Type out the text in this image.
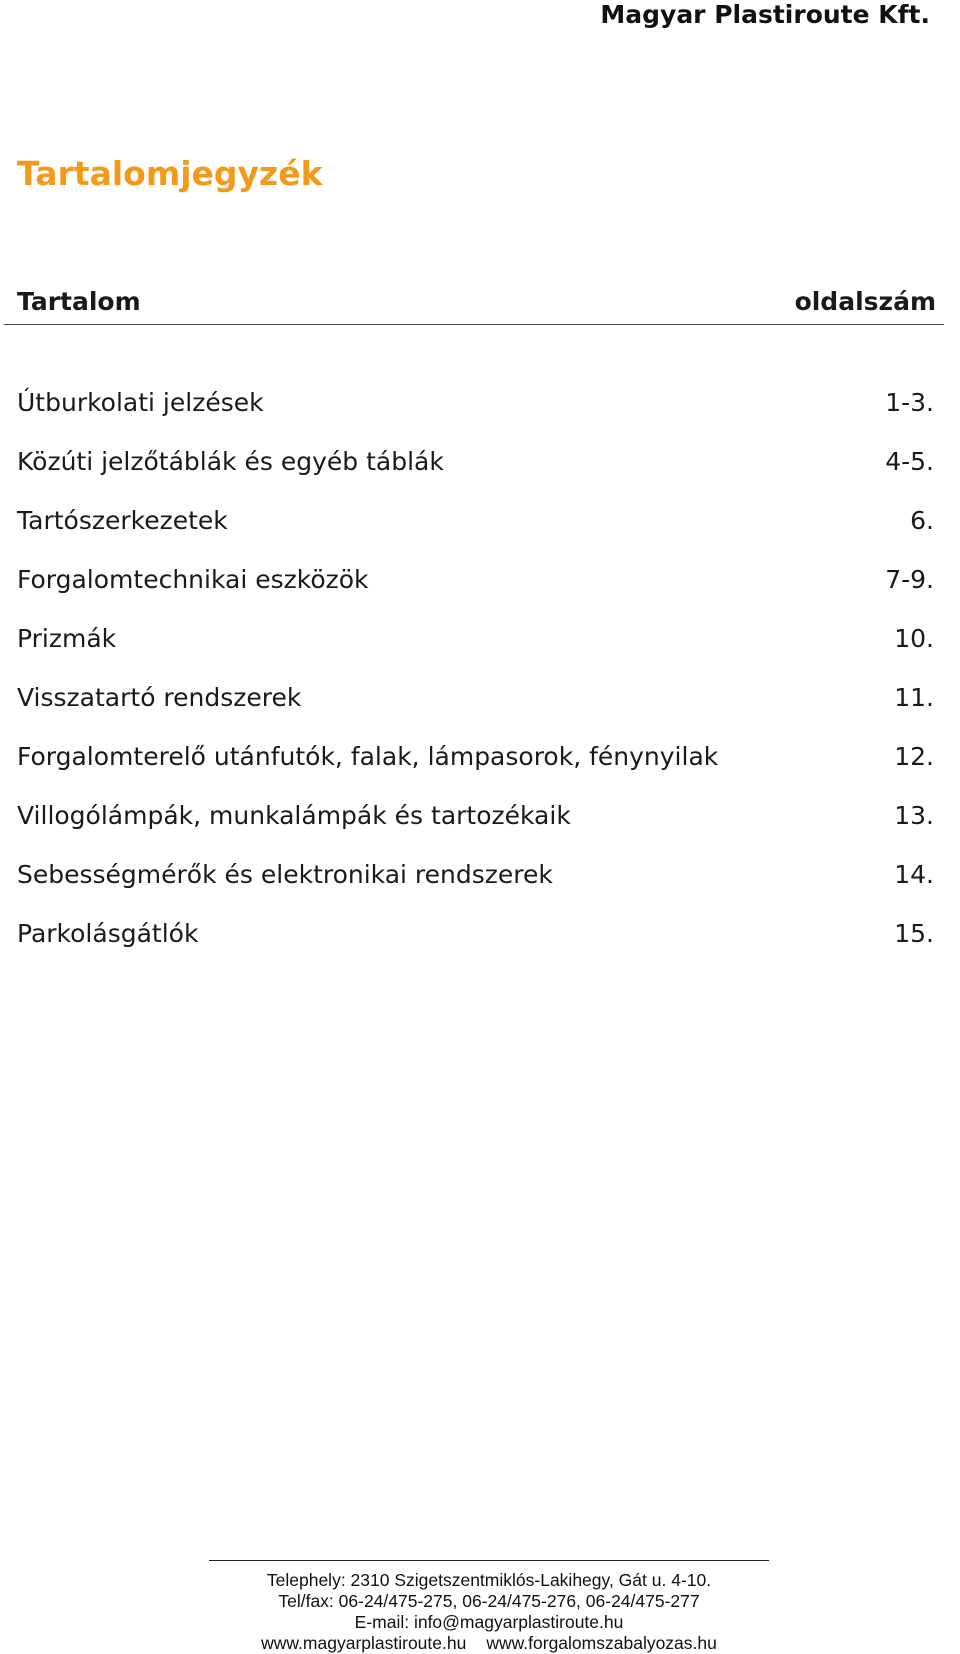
Magyar Plastiroute Kft.
Tartalomjegyzék
Tartalom	oldalszám
Útburkolati jelzések	1-3.
Közúti jelzőtáblák és egyéb táblák	4-5.
Tartószerkezetek	6.
Forgalomtechnikai eszközök	7-9.
Prizmák	10.
Visszatartó rendszerek	11.
Forgalomterelő utánfutók, falak, lámpasorok, fénynyilak	12.
Villogólámpák, munkalámpák és tartozékaik	13.
Sebességmérők és elektronikai rendszerek	14.
Parkolásgátlók	15.
Telephely: 2310 Szigetszentmiklós-Lakihegy, Gát u. 4-10.
Tel/fax: 06-24/475-275, 06-24/475-276, 06-24/475-277
E-mail: info@magyarplastiroute.hu
www.magyarplastiroute.hu www.forgalomszabalyozas.hu
